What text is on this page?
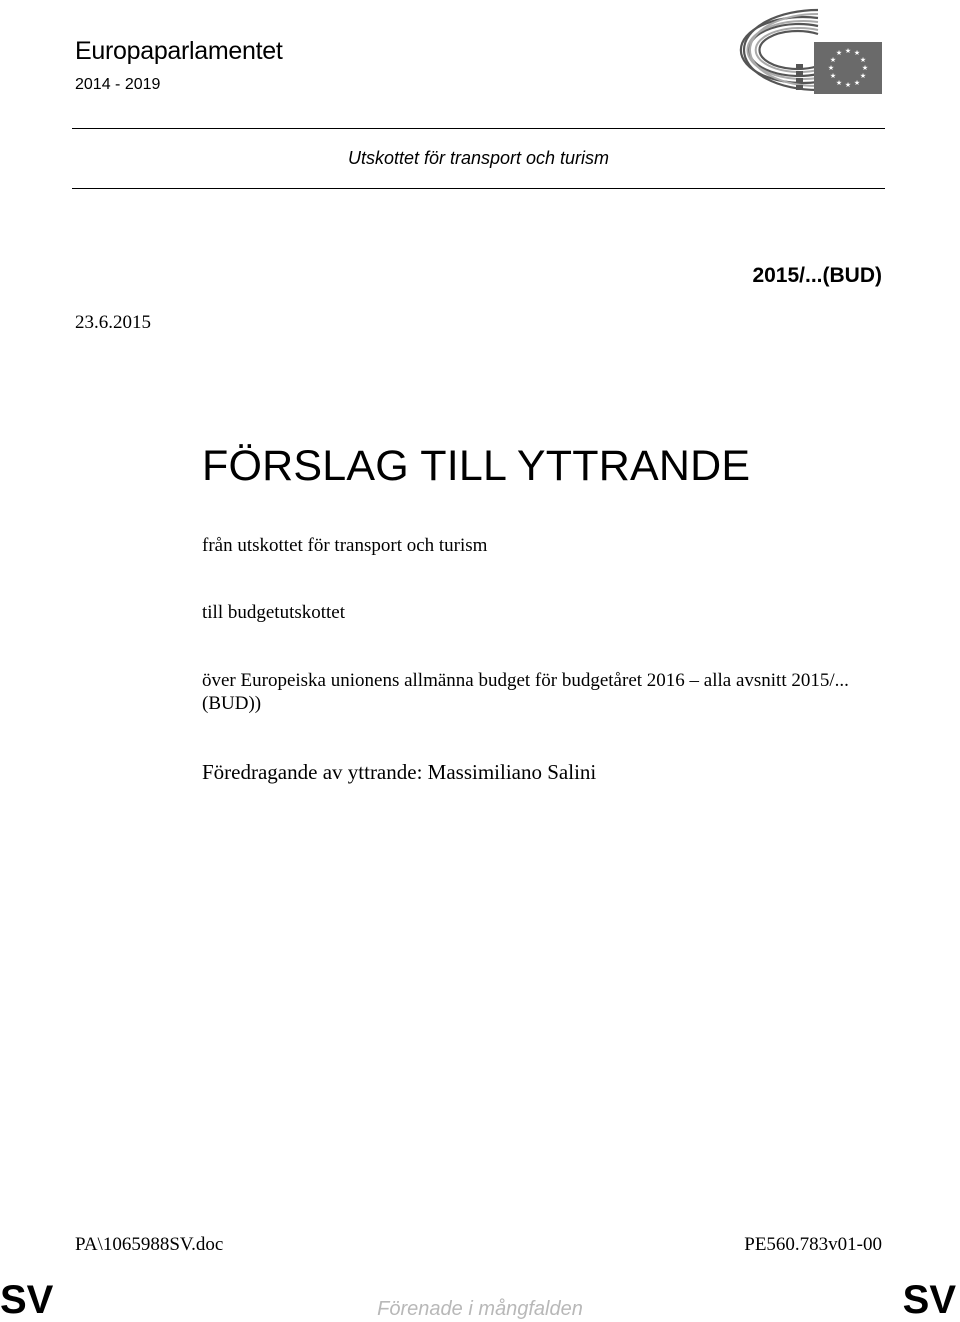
Europaparlamentet
2014 - 2019
★ ★
★
★
★
★
★
★
★
★
★
★
Utskottet för transport och turism
2015/...(BUD)
23.6.2015
FÖRSLAG TILL YTTRANDE
från utskottet för transport och turism
till budgetutskottet
över Europeiska unionens allmänna budget för budgetåret 2016 – alla avsnitt 2015/...(BUD))
Föredragande av yttrande: Massimiliano Salini
PA\1065988SV.doc	PE560.783v01-00
SV	Förenade i mångfalden	SV
